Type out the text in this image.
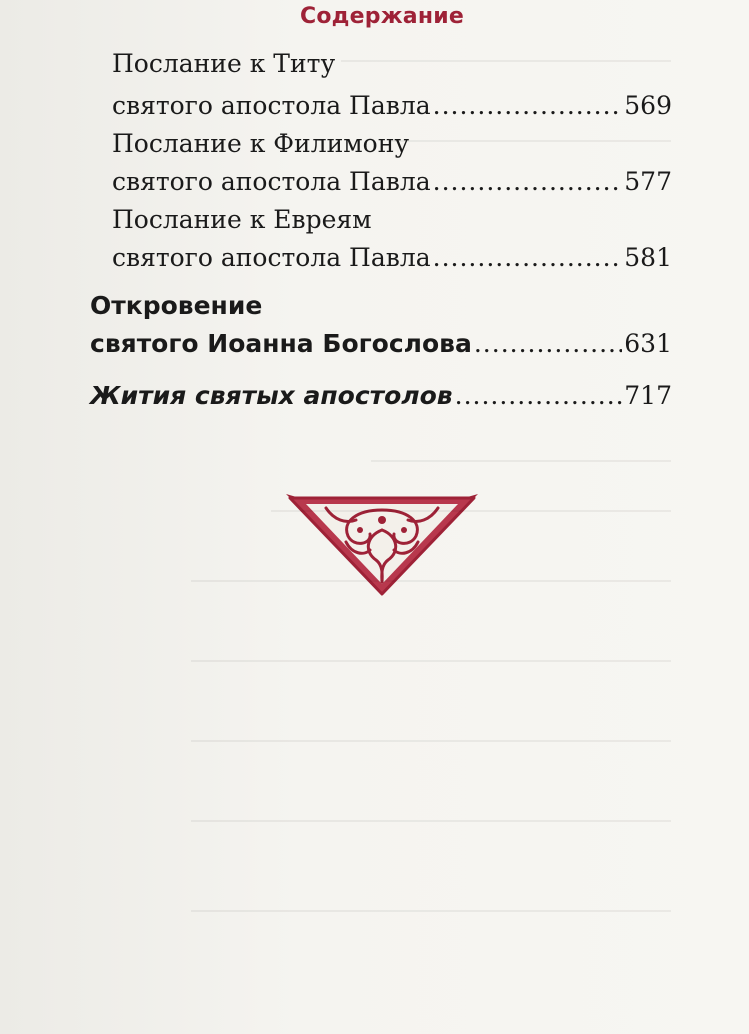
Содержание
Послание к Титу
святого апостола Павла .....	569
Послание к Филимону
святого апостола Павла .....	577
Послание к Евреям
святого апостола Павла .....	581
Откровение
святого Иоанна Богослова .....	631
Жития святых апостолов .....	717
